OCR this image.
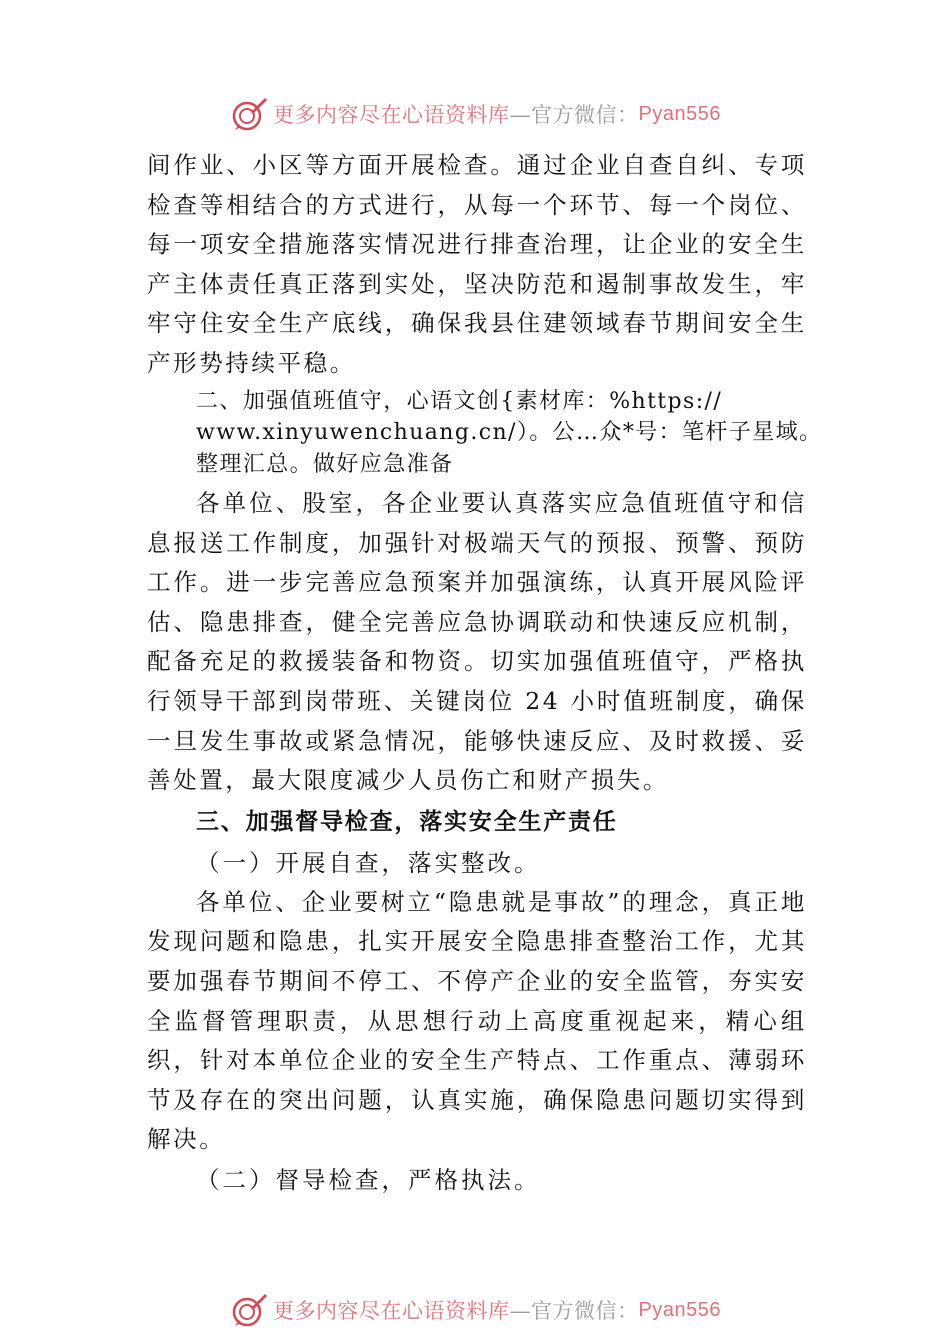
更多内容尽在心语资料库 —官方微信： Pyan556

间作业、小区等方面开展检查。通过企业自查自纠、专项检查等相结合的方式进行，从每一个环节、每一个岗位、每一项安全措施落实情况进行排查治理，让企业的安全生产主体责任真正落到实处，坚决防范和遏制事故发生，牢牢守住安全生产底线，确保我县住建领域春节期间安全生产形势持续平稳。

二、加强值班值守，心语文创{素材库：%https://
www.xinyuwenchuang.cn/）。公…众*号：笔杆子星域。
整理汇总。做好应急准备

各单位、股室，各企业要认真落实应急值班值守和信息报送工作制度，加强针对极端天气的预报、预警、预防工作。进一步完善应急预案并加强演练，认真开展风险评估、隐患排查，健全完善应急协调联动和快速反应机制，配备充足的救援装备和物资。切实加强值班值守，严格执行领导干部到岗带班、关键岗位 24 小时值班制度，确保一旦发生事故或紧急情况，能够快速反应、及时救援、妥善处置，最大限度减少人员伤亡和财产损失。

三、加强督导检查，落实安全生产责任

（一）开展自查，落实整改。

各单位、企业要树立“隐患就是事故”的理念，真正地发现问题和隐患，扎实开展安全隐患排查整治工作，尤其要加强春节期间不停工、不停产企业的安全监管，夯实安全监督管理职责，从思想行动上高度重视起来，精心组织，针对本单位企业的安全生产特点、工作重点、薄弱环节及存在的突出问题，认真实施，确保隐患问题切实得到解决。

（二）督导检查，严格执法。

更多内容尽在心语资料库 —官方微信： Pyan556
